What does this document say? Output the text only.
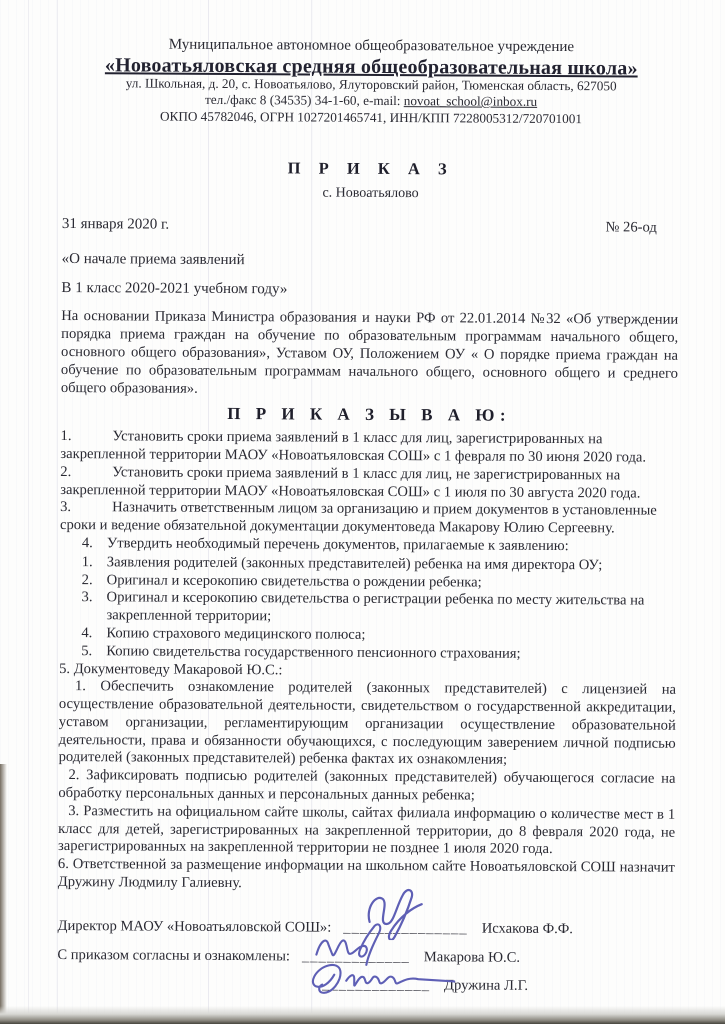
Муниципальное автономное общеобразовательное учреждение
«Новоатьяловская средняя общеобразовательная школа»
ул. Школьная, д. 20, с. Новоатьялово, Ялуторовский район, Тюменская область, 627050
тел./факс 8 (34535) 34-1-60, e-mail: novoat_school@inbox.ru
ОКПО 45782046, ОГРН 1027201465741, ИНН/КПП 7228005312/720701001
П Р И К А З
с. Новоатьялово
31 января 2020 г.	№ 26-од
«О начале приема заявлений
В 1 класс 2020-2021 учебном году»
На основании Приказа Министра образования и науки РФ от 22.01.2014 №32 «Об утверждении порядка приема граждан на обучение по образовательным программам начального общего, основного общего образования», Уставом ОУ, Положением ОУ « О порядке приема граждан на обучение по образовательным программам начального общего, основного общего и среднего общего образования».
П Р И К А З Ы В А Ю:
1.	Установить сроки приема заявлений в 1 класс для лиц, зарегистрированных на закрепленной территории МАОУ «Новоатьяловская СОШ» с 1 февраля по 30 июня 2020 года.
2.	Установить сроки приема заявлений в 1 класс для лиц, не зарегистрированных на закрепленной территории МАОУ «Новоатьяловская СОШ» с 1 июля по 30 августа 2020 года.
3.	Назначить ответственным лицом за организацию и прием документов в установленные сроки и ведение обязательной документации документоведа Макарову Юлию Сергеевну.
4. Утвердить необходимый перечень документов, прилагаемые к заявлению:
1. Заявления родителей (законных представителей) ребенка на имя директора ОУ;
2. Оригинал и ксерокопию свидетельства о рождении ребенка;
3. Оригинал и ксерокопию свидетельства о регистрации ребенка по месту жительства на закрепленной территории;
4. Копию страхового медицинского полюса;
5. Копию свидетельства государственного пенсионного страхования;
5. Документоведу Макаровой Ю.С.:
1. Обеспечить ознакомление родителей (законных представителей) с лицензией на осуществление образовательной деятельности, свидетельством о государственной аккредитации, уставом организации, регламентирующим организации осуществление образовательной деятельности, права и обязанности обучающихся, с последующим заверением личной подписью родителей (законных представителей) ребенка фактах их ознакомления;
2. Зафиксировать подписью родителей (законных представителей) обучающегося согласие на обработку персональных данных и персональных данных ребенка;
3. Разместить на официальном сайте школы, сайтах филиала информацию о количестве мест в 1 класс для детей, зарегистрированных на закрепленной территории, до 8 февраля 2020 года, не зарегистрированных на закрепленной территории не позднее 1 июля 2020 года.
6. Ответственной за размещение информации на школьном сайте Новоатьяловской СОШ назначит Дружину Людмилу Галиевну.
Директор МАОУ «Новоатьяловской СОШ»: _______________ Исхакова Ф.Ф.
С приказом согласны и ознакомлены: _____________ Макарова Ю.С.
_____________ Дружина Л.Г.
